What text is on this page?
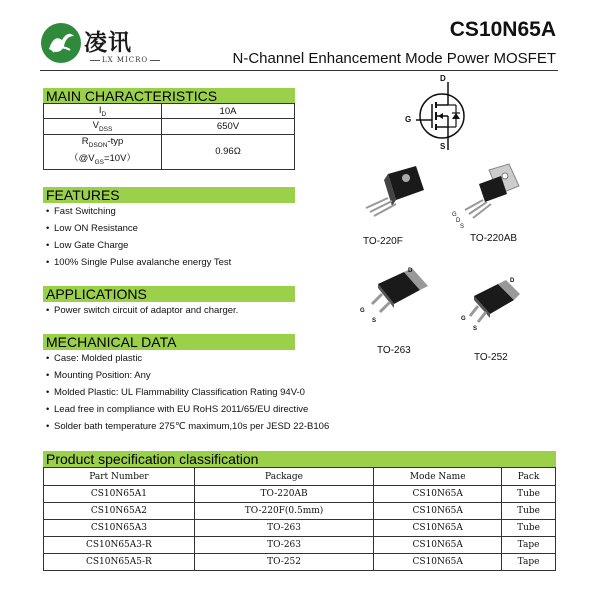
凌讯
LX MICRO
CS10N65A
N-Channel Enhancement Mode Power MOSFET
MAIN CHARACTERISTICS
$I_D$	10A
$V_{DSS}$	650V
$R_{DSON}$-typ
$(@V_{GS}=10V)$	0.96Ω
FEATURES
• Fast Switching
• Low ON Resistance
• Low Gate Charge
• 100% Single Pulse avalanche energy Test
APPLICATIONS
• Power switch circuit of adaptor and charger.
MECHANICAL DATA
• Case: Molded plastic
• Mounting Position: Any
• Molded Plastic: UL Flammability Classification Rating 94V-0
• Lead free in compliance with EU RoHS 2011/65/EU directive
• Solder bath temperature 275℃ maximum,10s per JESD 22-B106
D
G
S
TO-220F
G
D
S
TO-220AB
D
G
S
TO-263
D
G
S
TO-252
Product specification classification
Part Number	Package	Mode Name	Pack
CS10N65A1	TO-220AB	CS10N65A	Tube
CS10N65A2	TO-220F(0.5mm)	CS10N65A	Tube
CS10N65A3	TO-263	CS10N65A	Tube
CS10N65A3-R	TO-263	CS10N65A	Tape
CS10N65A5-R	TO-252	CS10N65A	Tape
